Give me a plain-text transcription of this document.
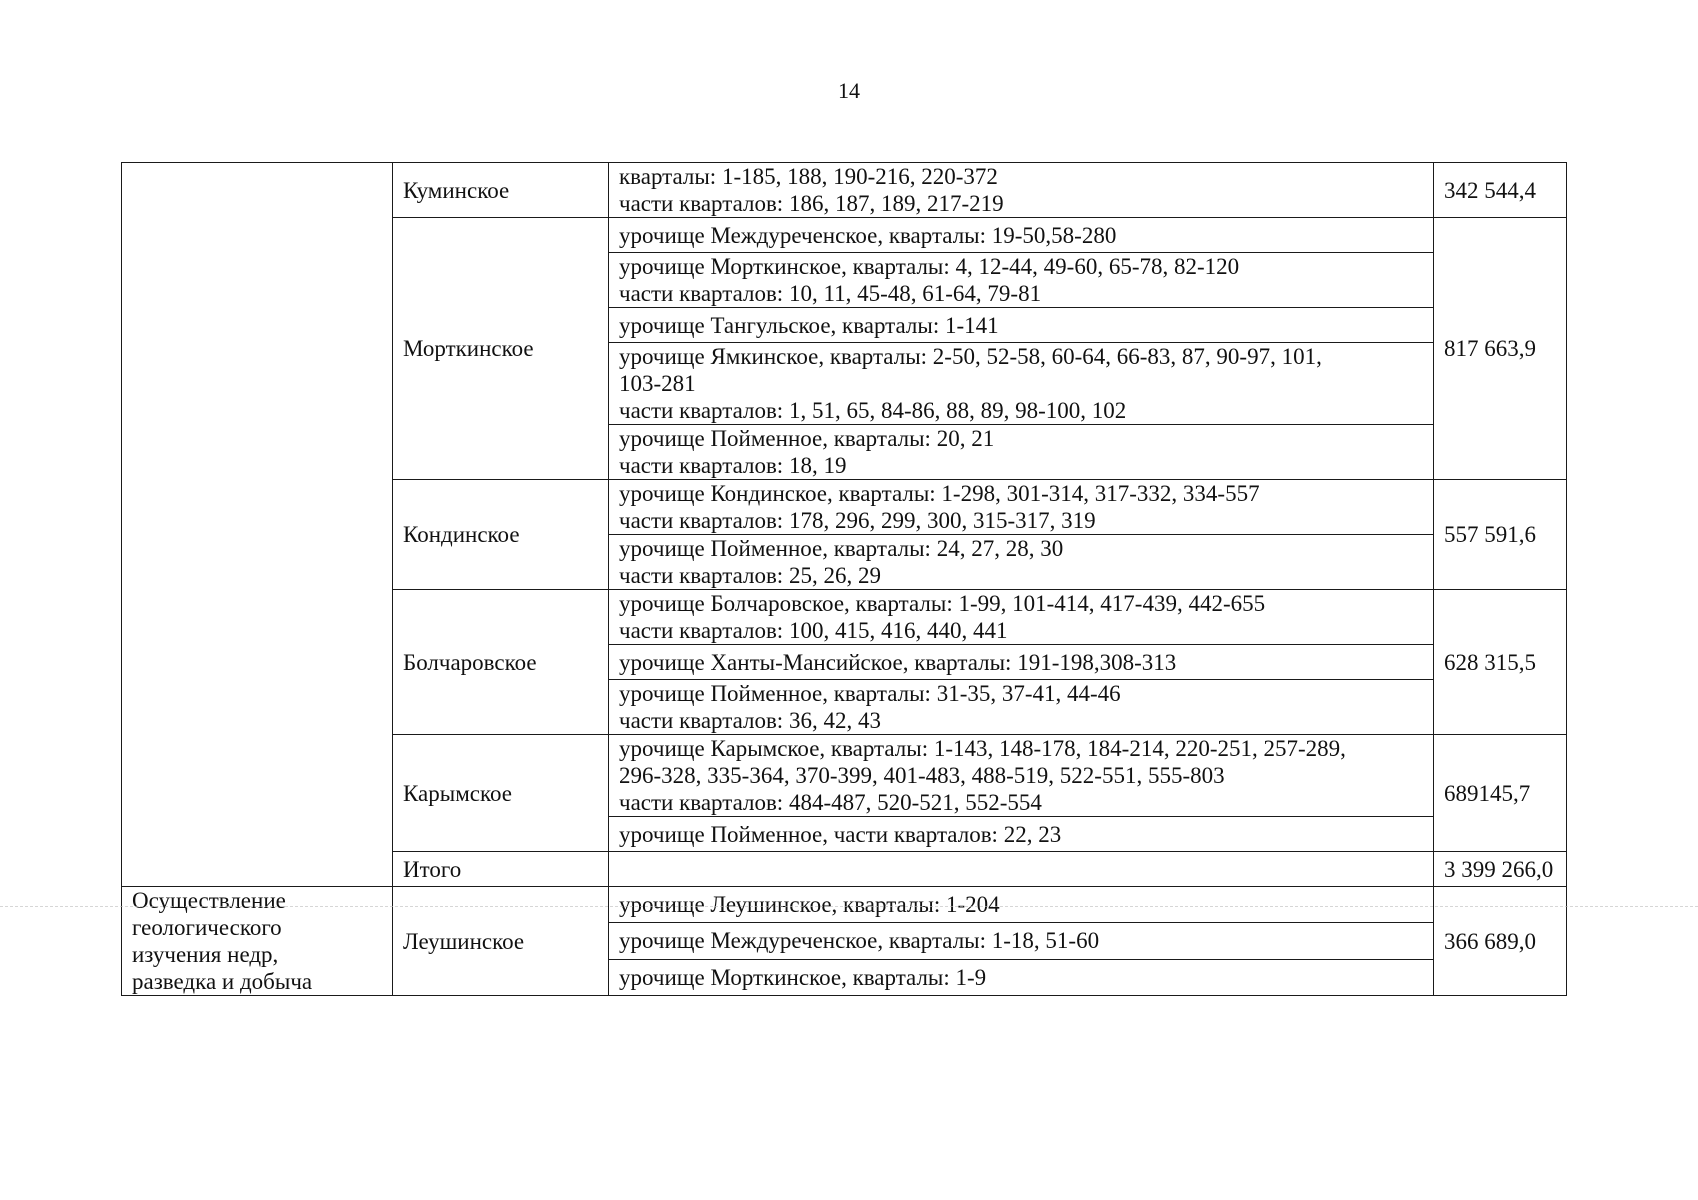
14
	Куминское	кварталы: 1-185, 188, 190-216, 220-372
части кварталов: 186, 187, 189, 217-219	342 544,4
	Морткинское	урочище Междуреченское, кварталы: 19-50,58-280	817 663,9

		урочище Морткинское, кварталы: 4, 12-44, 49-60, 65-78, 82-120
части кварталов: 10, 11, 45-48, 61-64, 79-81	

		урочище Тангульское, кварталы: 1-141	

		урочище Ямкинское, кварталы: 2-50, 52-58, 60-64, 66-83, 87, 90-97, 101,
103-281
части кварталов: 1, 51, 65, 84-86, 88, 89, 98-100, 102	

		урочище Пойменное, кварталы: 20, 21
части кварталов: 18, 19	

	Кондинское	урочище Кондинское, кварталы: 1-298, 301-314, 317-332, 334-557
части кварталов: 178, 296, 299, 300, 315-317, 319	557 591,6

		урочище Пойменное, кварталы: 24, 27, 28, 30
части кварталов: 25, 26, 29	

	Болчаровское	урочище Болчаровское, кварталы: 1-99, 101-414, 417-439, 442-655
части кварталов: 100, 415, 416, 440, 441	628 315,5

		урочище Ханты-Мансийское, кварталы: 191-198,308-313	

		урочище Пойменное, кварталы: 31-35, 37-41, 44-46
части кварталов: 36, 42, 43	

	Карымское	урочище Карымское, кварталы: 1-143, 148-178, 184-214, 220-251, 257-289,
296-328, 335-364, 370-399, 401-483, 488-519, 522-551, 555-803
части кварталов: 484-487, 520-521, 552-554	689145,7

		урочище Пойменное, части кварталов: 22, 23	

	Итого		3 399 266,0

Осуществление
геологического
изучения недр,
разведка и добыча	Леушинское	урочище Леушинское, кварталы: 1-204	366 689,0

		урочище Междуреченское, кварталы: 1-18, 51-60	

		урочище Морткинское, кварталы: 1-9	
